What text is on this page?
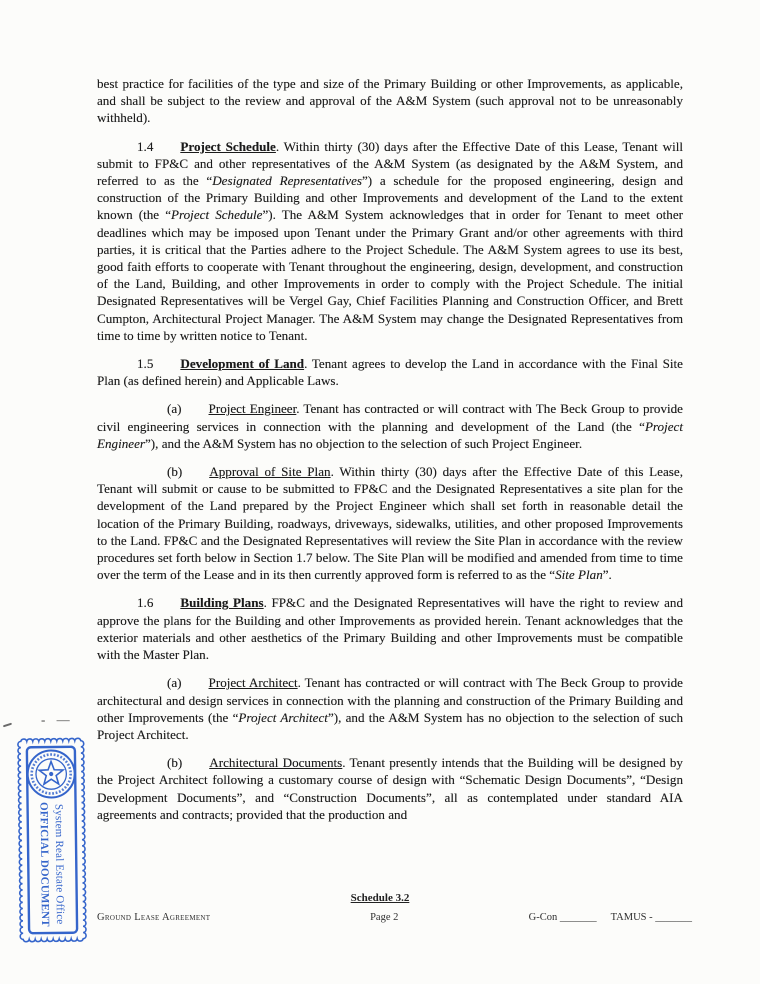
- —

best practice for facilities of the type and size of the Primary Building or other Improvements, as applicable, and shall be subject to the review and approval of the A&M System (such approval not to be unreasonably withheld).

1.4 Project Schedule. Within thirty (30) days after the Effective Date of this Lease, Tenant will submit to FP&C and other representatives of the A&M System (as designated by the A&M System, and referred to as the “Designated Representatives”) a schedule for the proposed engineering, design and construction of the Primary Building and other Improvements and development of the Land to the extent known (the “Project Schedule”). The A&M System acknowledges that in order for Tenant to meet other deadlines which may be imposed upon Tenant under the Primary Grant and/or other agreements with third parties, it is critical that the Parties adhere to the Project Schedule. The A&M System agrees to use its best, good faith efforts to cooperate with Tenant throughout the engineering, design, development, and construction of the Land, Building, and other Improvements in order to comply with the Project Schedule. The initial Designated Representatives will be Vergel Gay, Chief Facilities Planning and Construction Officer, and Brett Cumpton, Architectural Project Manager. The A&M System may change the Designated Representatives from time to time by written notice to Tenant.

1.5 Development of Land. Tenant agrees to develop the Land in accordance with the Final Site Plan (as defined herein) and Applicable Laws.

(a) Project Engineer. Tenant has contracted or will contract with The Beck Group to provide civil engineering services in connection with the planning and development of the Land (the “Project Engineer”), and the A&M System has no objection to the selection of such Project Engineer.

(b) Approval of Site Plan. Within thirty (30) days after the Effective Date of this Lease, Tenant will submit or cause to be submitted to FP&C and the Designated Representatives a site plan for the development of the Land prepared by the Project Engineer which shall set forth in reasonable detail the location of the Primary Building, roadways, driveways, sidewalks, utilities, and other proposed Improvements to the Land. FP&C and the Designated Representatives will review the Site Plan in accordance with the review procedures set forth below in Section 1.7 below. The Site Plan will be modified and amended from time to time over the term of the Lease and in its then currently approved form is referred to as the “Site Plan”.

1.6 Building Plans. FP&C and the Designated Representatives will have the right to review and approve the plans for the Building and other Improvements as provided herein. Tenant acknowledges that the exterior materials and other aesthetics of the Primary Building and other Improvements must be compatible with the Master Plan.

(a) Project Architect. Tenant has contracted or will contract with The Beck Group to provide architectural and design services in connection with the planning and construction of the Primary Building and other Improvements (the “Project Architect”), and the A&M System has no objection to the selection of such Project Architect.

(b) Architectural Documents. Tenant presently intends that the Building will be designed by the Project Architect following a customary course of design with “Schematic Design Documents”, “Design Development Documents”, and “Construction Documents”, all as contemplated under standard AIA agreements and contracts; provided that the production and

System Real Estate Office
OFFICIAL DOCUMENT	Schedule 3.2
Ground Lease Agreement	Page 2	G-Con _______ TAMUS - _______
